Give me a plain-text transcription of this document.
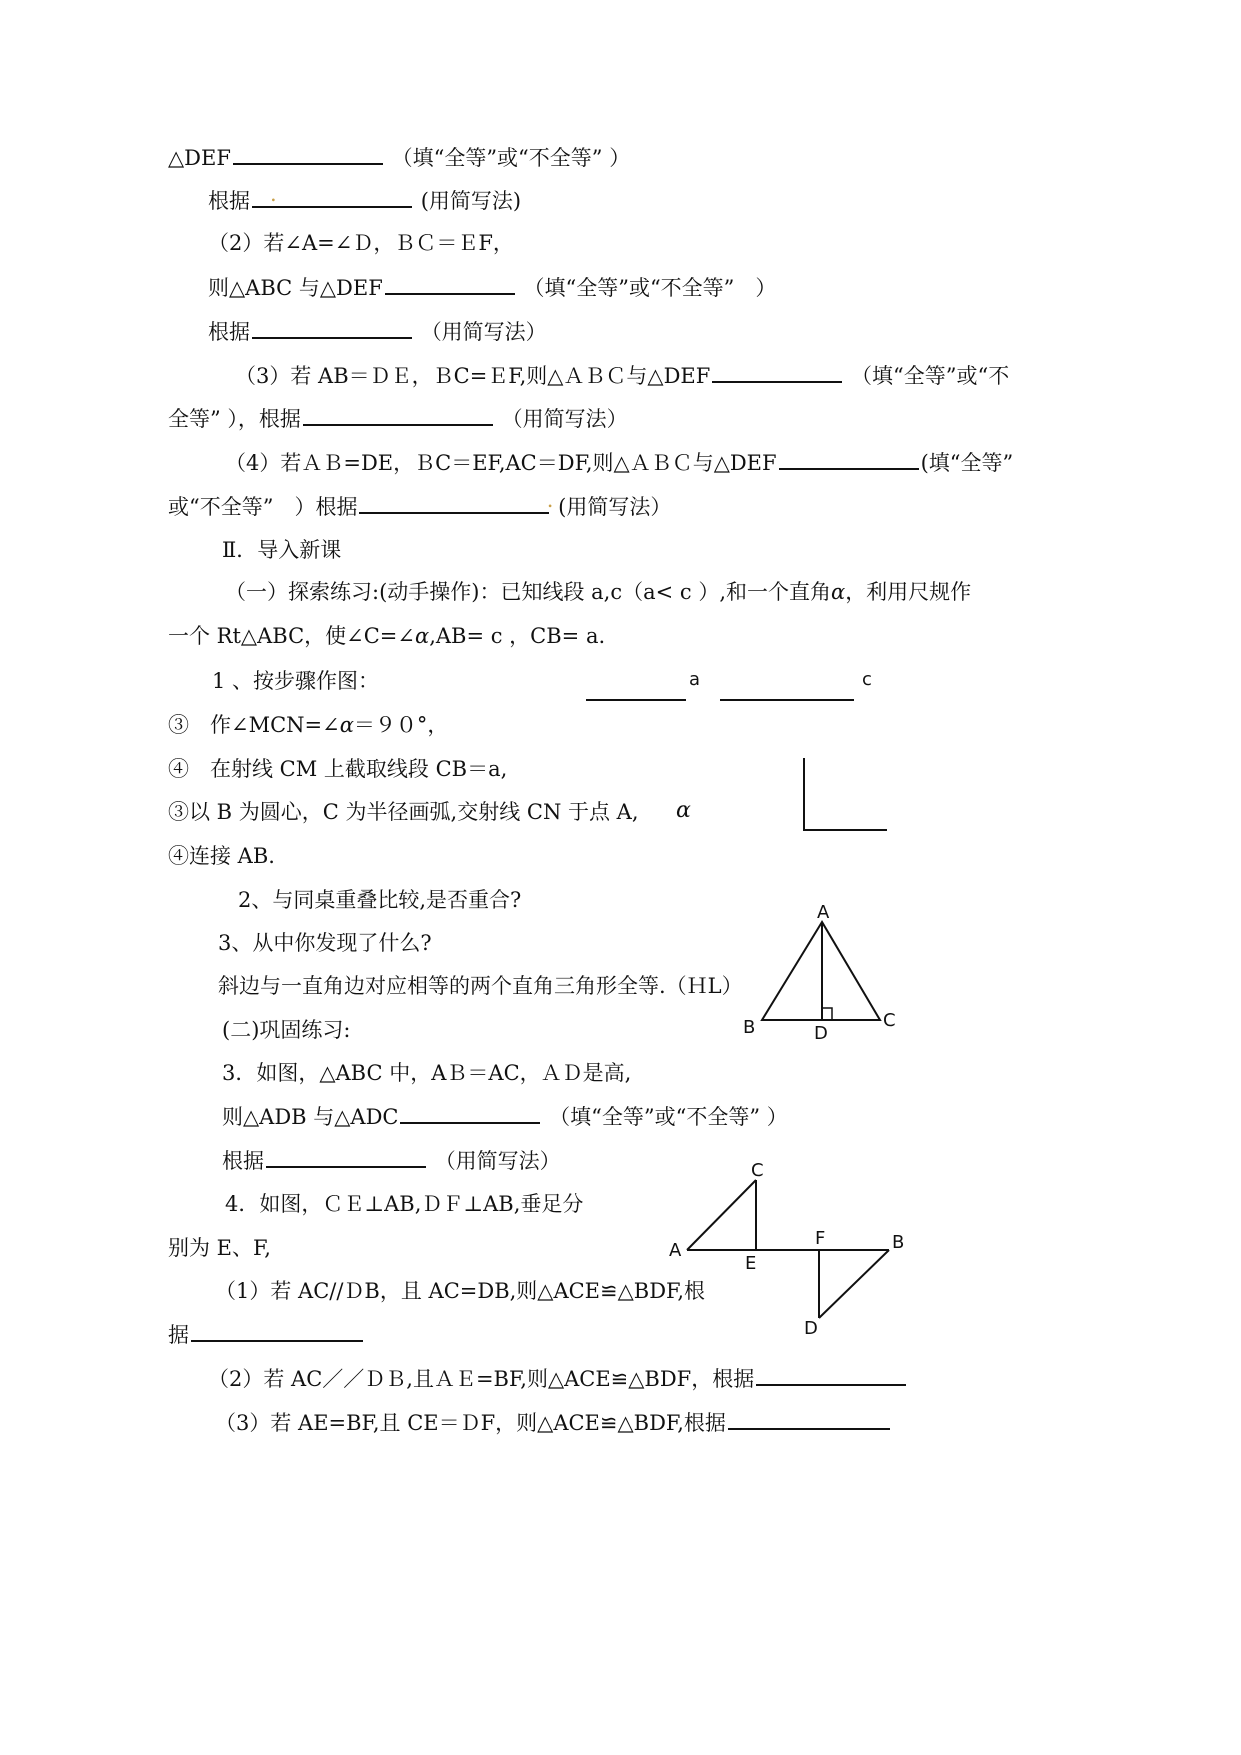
△DEF	（填“全等”或“不全等” ）
根据 .	(用简写法)
（2）若∠A=∠Ｄ，ＢＣ＝ＥF，
则△ABC 与△DEF	（填“全等”或“不全等”　）
根据	（用简写法）
（3）若 AB＝ＤＥ，ＢC=ＥF,则△ＡＢＣ与△DEF	（填“全等”或“不
全等” ），根据	（用简写法）
（4）若ＡＢ=DE，ＢC＝EF,AC＝DF,则△ＡＢＣ与△DEF	(填“全等”
或“不全等”　）根据	. (用简写法）
Ⅱ．导入新课
（一）探索练习:(动手操作)：已知线段 a,c（a< c ）,和一个直角α，利用尺规作
一个 Rt△ABC，使∠C=∠α,AB= c ，CB= a.
1 、按步骤作图：
③　作∠MCN=∠α＝９０°，
④　在射线 CM 上截取线段 CB＝a,
③以 B 为圆心，C 为半径画弧,交射线 CN 于点 A,
④连接 AB.
2、与同桌重叠比较,是否重合?
3、从中你发现了什么?
斜边与一直角边对应相等的两个直角三角形全等.（ＨL）
(二)巩固练习:
3．如图，△ABC 中，AＢ＝AC，ＡＤ是高,
则△ADB 与△ADC	（填“全等”或“不全等” ）
根据	（用简写法）
4．如图，ＣＥ⊥AB,ＤＦ⊥AB,垂足分
别为 E、F,
（1）若 AC//ＤB，且 AC=DB,则△ACE≌△BDF,根
据
（2）若 AC／／ＤＢ,且ＡＥ=BF,则△ACE≌△BDF，根据
（3）若 AE=BF,且 CE＝ＤF，则△ACE≌△BDF,根据
a	c
α
A
B	C
D
C
A
E
F	B
D
